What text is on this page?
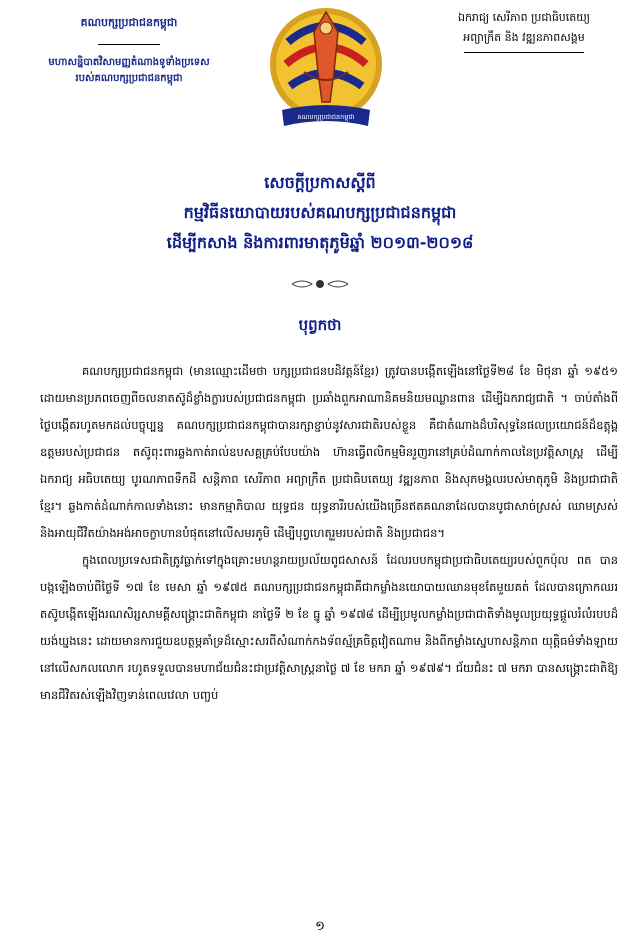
គណបក្សប្រជាជនកម្ពុជា
មហាសន្និបាតវិសាមញ្ញតំណាងទូទាំងប្រទេស
របស់គណបក្សប្រជាជនកម្ពុជា
គណបក្សប្រជាជនកម្ពុជា
ឯករាជ្យ សេរីភាព ប្រជាធិបតេយ្យ
អព្យាក្រឹត និង វឌ្ឍនភាពសង្គម
សេចក្តីប្រកាសស្តីពី
កម្មវិធីនយោបាយរបស់គណបក្សប្រជាជនកម្ពុជា
ដើម្បីកសាង និងការពារមាតុភូមិឆ្នាំ ២០១៣-២០១៨
បុព្វកថា

គណបក្សប្រជាជនកម្ពុជា (មានឈ្មោះដើមថា បក្សប្រជាជនបដិវត្តន៍ខ្មែរ) ត្រូវបានបង្កើតឡើងនៅថ្ងៃទី២៨ ខែ មិថុនា ឆ្នាំ ១៩៥១ ដោយមានប្រភពចេញពីចលនាតស៊ូដ៏ខ្លាំងក្លារបស់ប្រជាជនកម្ពុជា ប្រឆាំងពួកអាណានិគមនិយមឈ្លានពាន ដើម្បីឯករាជ្យជាតិ ។ ចាប់តាំងពីថ្ងៃបង្កើតរហូតមកដល់បច្ចុប្បន្ន គណបក្សប្រជាជនកម្ពុជាបានរក្សាខ្ជាប់នូវសារជាតិរបស់ខ្លួន គឺជាតំណាងដ៏បរិសុទ្ធនៃផលប្រយោជន៍ដ៏ឧត្តុង្គឧត្តមរបស់ប្រជាជន តស៊ូពុះពារឆ្លងកាត់រាល់ឧបសគ្គគ្រប់បែបយ៉ាង ហ៊ានធ្វើពលិកម្មមិនរួញរានៅគ្រប់ដំណាក់កាលនៃប្រវត្តិសាស្រ្ត ដើម្បីឯករាជ្យ អធិបតេយ្យ បូរណភាពទឹកដី សន្តិភាព សេរីភាព អព្យាក្រឹត ប្រជាធិបតេយ្យ វឌ្ឍនភាព និងសុភមង្គលរបស់មាតុភូមិ និងប្រជាជាតិខ្មែរ។ ឆ្លងកាត់ដំណាក់កាលទាំងនោះ មានកម្មាភិបាល យុទ្ធជន យុទ្ធនារីរបស់យើងច្រើនឥតគណនាដែលបានបូជាសាច់ស្រស់ ឈាមស្រស់ និងអាយុជីវិតយ៉ាងអង់អាចក្លាហានបំផុតនៅលើសមរភូមិ ដើម្បីបុព្វហេតុរួមរបស់ជាតិ និងប្រជាជន។

ក្នុងពេលប្រទេសជាតិត្រូវធ្លាក់ទៅក្នុងគ្រោះមហន្តរាយប្រល័យពូជសាសន៍ ដែលរបបកម្ពុជាប្រជាធិបតេយ្យរបស់ពួកប៉ុល ពត បានបង្កឡើងចាប់ពីថ្ងៃទី ១៧ ខែ មេសា ឆ្នាំ ១៩៧៥ គណបក្សប្រជាជនកម្ពុជាគឺជាកម្លាំងនយោបាយឈានមុខតែមួយគត់ ដែលបានក្រោកឈរតស៊ូបង្កើតឡើងរណសិរ្សសាមគ្គីសង្គ្រោះជាតិកម្ពុជា នាថ្ងៃទី ២ ខែ ធ្នូ ឆ្នាំ ១៩៧៨ ដើម្បីប្រមូលកម្លាំងប្រជាជាតិទាំងមូលប្រយុទ្ធផ្តួលរំលំរបបដ៏យង់ឃ្នងនេះ ដោយមានការជួយឧបត្ថម្ភគាំទ្រដ៏ស្មោះសរពីសំណាក់កងទ័ពស្ម័គ្រចិត្តវៀតណាម និងពីកម្លាំងស្នេហាសន្តិភាព យុត្តិធម៌ទាំងឡាយនៅលើសកលលោក រហូតទទួលបានមហាជ័យជំនះជាប្រវត្តិសាស្រ្តនាថ្ងៃ ៧ ខែ មករា ឆ្នាំ ១៩៧៩។ ជ័យជំនះ ៧ មករា បានសង្គ្រោះជាតិឱ្យមានជីវិតរស់ឡើងវិញទាន់ពេលវេលា បញ្ចប់

១
